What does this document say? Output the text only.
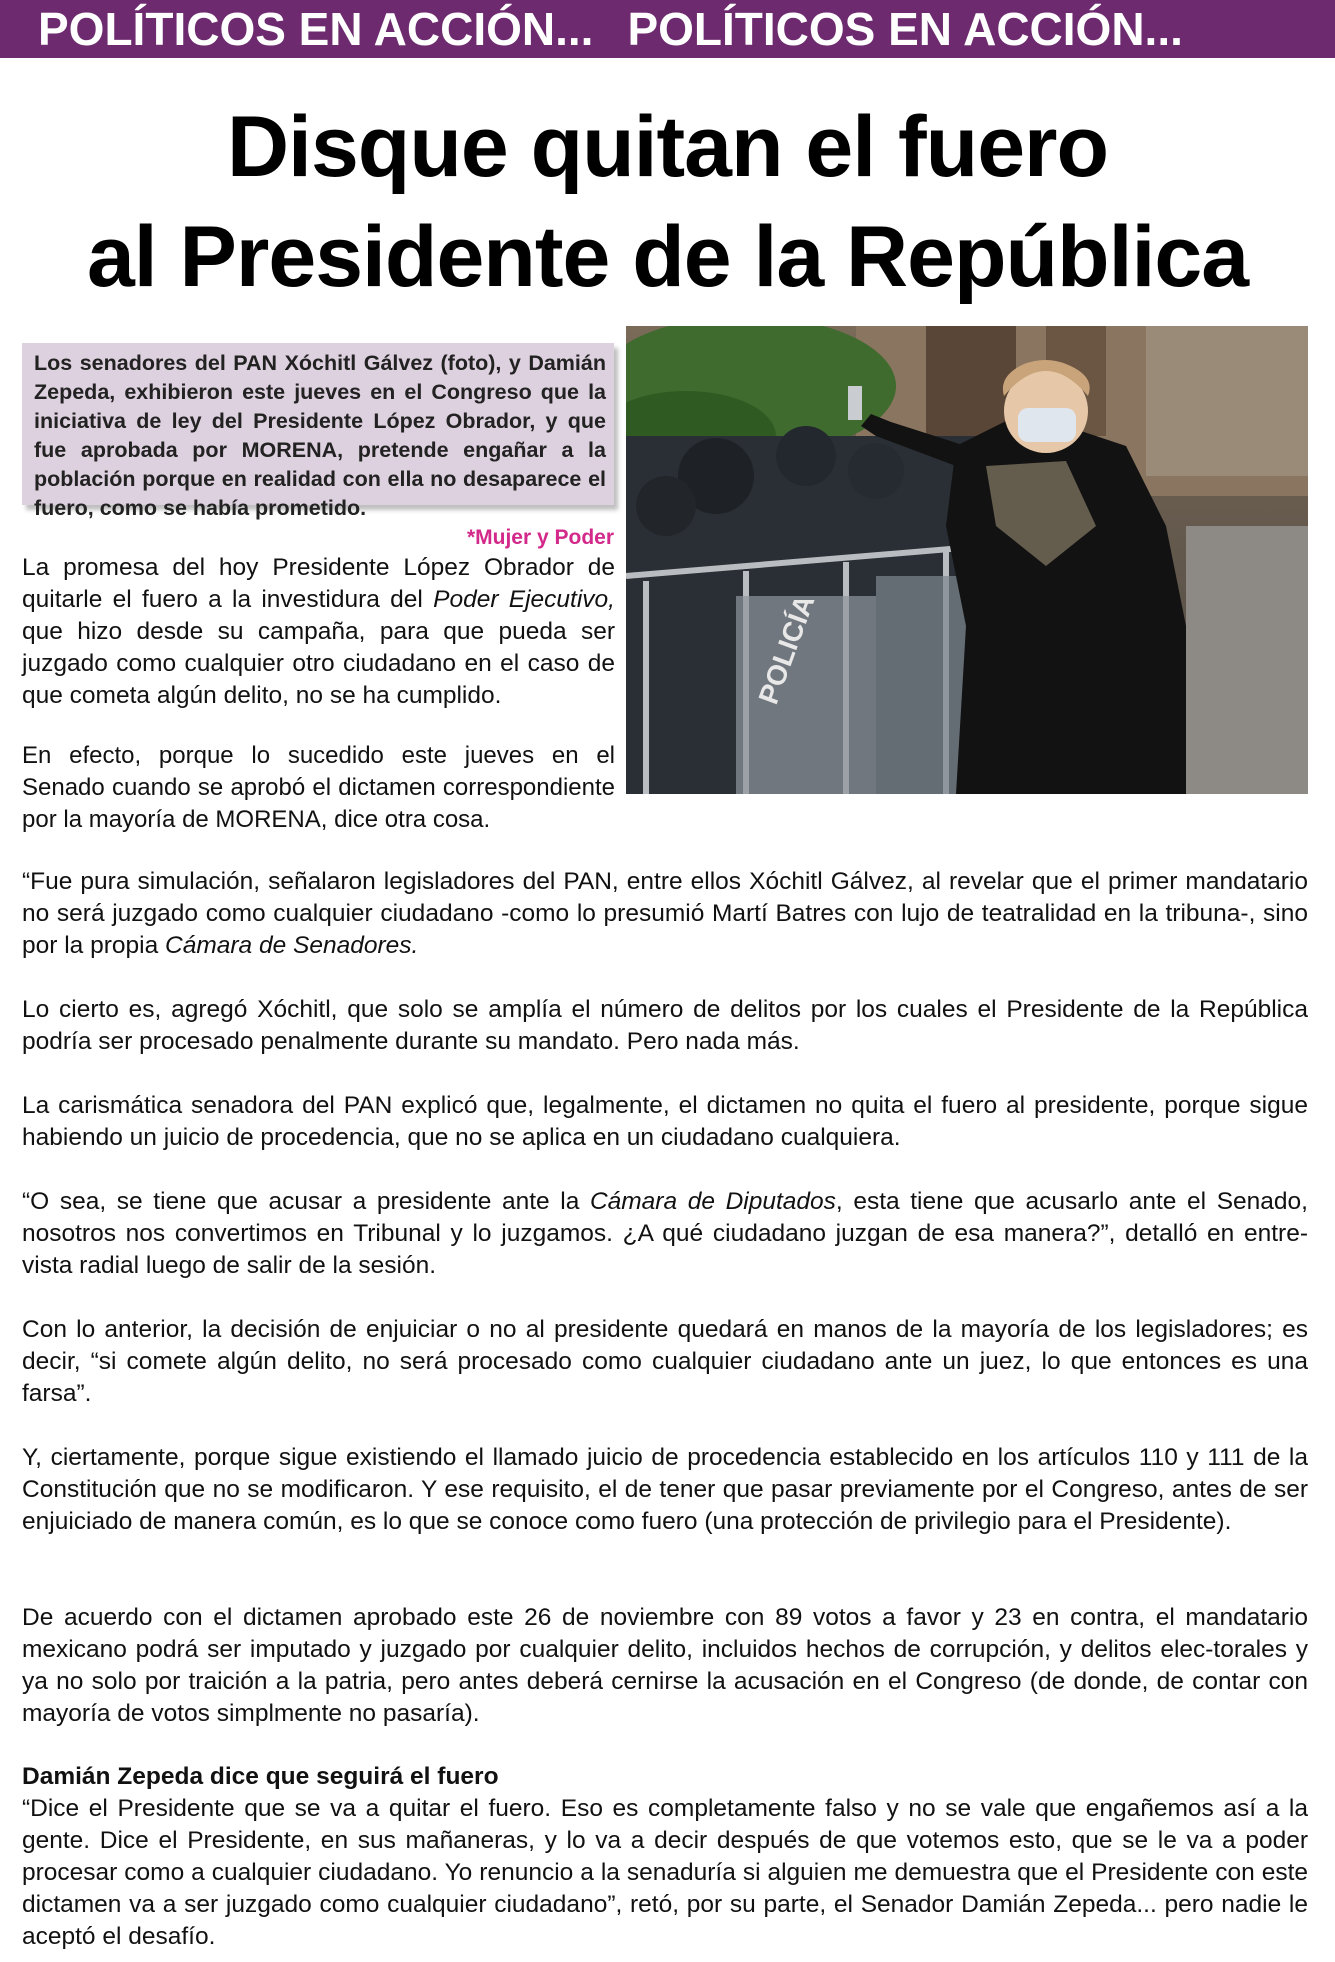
POLÍTICOS EN ACCIÓN... POLÍTICOS EN ACCIÓN...
Disque quitan el fuero
al Presidente de la República
Los senadores del PAN Xóchitl Gálvez (foto), y Damián Zepeda, exhibieron este jueves en el Congreso que la iniciativa de ley del Presidente López Obrador, y que fue aprobada por MORENA, pretende engañar a la población porque en realidad con ella no desaparece el fuero, como se había prometido.
*Mujer y Poder
POLICÍA
La promesa del hoy Presidente López Obrador de quitarle el fuero a la investidura del Poder Ejecutivo, que hizo desde su campaña, para que pueda ser juzgado como cualquier otro ciudadano en el caso de que cometa algún delito, no se ha cumplido.
En efecto, porque lo sucedido este jueves en el Senado cuando se aprobó el dictamen correspondiente por la mayoría de MORENA, dice otra cosa.
“Fue pura simulación, señalaron legisladores del PAN, entre ellos Xóchitl Gálvez, al revelar que el primer mandatario no será juzgado como cualquier ciudadano -como lo presumió Martí Batres con lujo de teatralidad en la tribuna-, sino por la propia Cámara de Senadores.
Lo cierto es, agregó Xóchitl, que solo se amplía el número de delitos por los cuales el Presidente de la República podría ser procesado penalmente durante su mandato. Pero nada más.
La carismática senadora del PAN explicó que, legalmente, el dictamen no quita el fuero al presidente, porque sigue habiendo un juicio de procedencia, que no se aplica en un ciudadano cualquiera.
“O sea, se tiene que acusar a presidente ante la Cámara de Diputados, esta tiene que acusarlo ante el Senado, nosotros nos convertimos en Tribunal y lo juzgamos. ¿A qué ciudadano juzgan de esa manera?”, detalló en entre-vista radial luego de salir de la sesión.
Con lo anterior, la decisión de enjuiciar o no al presidente quedará en manos de la mayoría de los legisladores; es decir, “si comete algún delito, no será procesado como cualquier ciudadano ante un juez, lo que entonces es una farsa”.
Y, ciertamente, porque sigue existiendo el llamado juicio de procedencia establecido en los artículos 110 y 111 de la Constitución que no se modificaron. Y ese requisito, el de tener que pasar previamente por el Congreso, antes de ser enjuiciado de manera común, es lo que se conoce como fuero (una protección de privilegio para el Presidente).
De acuerdo con el dictamen aprobado este 26 de noviembre con 89 votos a favor y 23 en contra, el mandatario mexicano podrá ser imputado y juzgado por cualquier delito, incluidos hechos de corrupción, y delitos elec-torales y ya no solo por traición a la patria, pero antes deberá cernirse la acusación en el Congreso (de donde, de contar con mayoría de votos simplmente no pasaría).
Damián Zepeda dice que seguirá el fuero
“Dice el Presidente que se va a quitar el fuero. Eso es completamente falso y no se vale que engañemos así a la gente. Dice el Presidente, en sus mañaneras, y lo va a decir después de que votemos esto, que se le va a poder procesar como a cualquier ciudadano. Yo renuncio a la senaduría si alguien me demuestra que el Presidente con este dictamen va a ser juzgado como cualquier ciudadano”, retó, por su parte, el Senador Damián Zepeda... pero nadie le aceptó el desafío.
